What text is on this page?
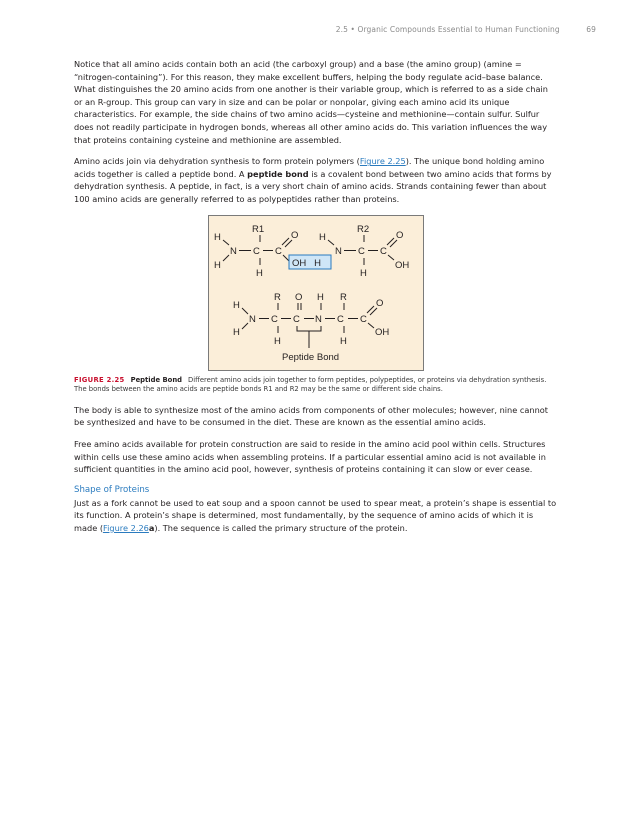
2.5 • Organic Compounds Essential to Human Functioning	69

Notice that all amino acids contain both an acid (the carboxyl group) and a base (the amino group) (amine = “nitrogen-containing”). For this reason, they make excellent buffers, helping the body regulate acid–base balance. What distinguishes the 20 amino acids from one another is their variable group, which is referred to as a side chain or an R-group. This group can vary in size and can be polar or nonpolar, giving each amino acid its unique characteristics. For example, the side chains of two amino acids—cysteine and methionine—contain sulfur. Sulfur does not readily participate in hydrogen bonds, whereas all other amino acids do. This variation influences the way that proteins containing cysteine and methionine are assembled.

Amino acids join via dehydration synthesis to form protein polymers (Figure 2.25). The unique bond holding amino acids together is called a peptide bond. A peptide bond is a covalent bond between two amino acids that forms by dehydration synthesis. A peptide, in fact, is a very short chain of amino acids. Strands containing fewer than about 100 amino acids are generally referred to as polypeptides rather than proteins.

R1
H
H
N C
H
C
O
OH   H
H
N
R2
C
H
C
O
OH
R O H R
H
H
N C
H
C N C
H
C
O
OH
Peptide Bond
FIGURE 2.25 Peptide Bond Different amino acids join together to form peptides, polypeptides, or proteins via dehydration synthesis. The bonds between the amino acids are peptide bonds R1 and R2 may be the same or different side chains.

The body is able to synthesize most of the amino acids from components of other molecules; however, nine cannot be synthesized and have to be consumed in the diet. These are known as the essential amino acids.

Free amino acids available for protein construction are said to reside in the amino acid pool within cells. Structures within cells use these amino acids when assembling proteins. If a particular essential amino acid is not available in sufficient quantities in the amino acid pool, however, synthesis of proteins containing it can slow or ever cease.

Shape of Proteins

Just as a fork cannot be used to eat soup and a spoon cannot be used to spear meat, a protein’s shape is essential to its function. A protein’s shape is determined, most fundamentally, by the sequence of amino acids of which it is made (Figure 2.26a). The sequence is called the primary structure of the protein.
